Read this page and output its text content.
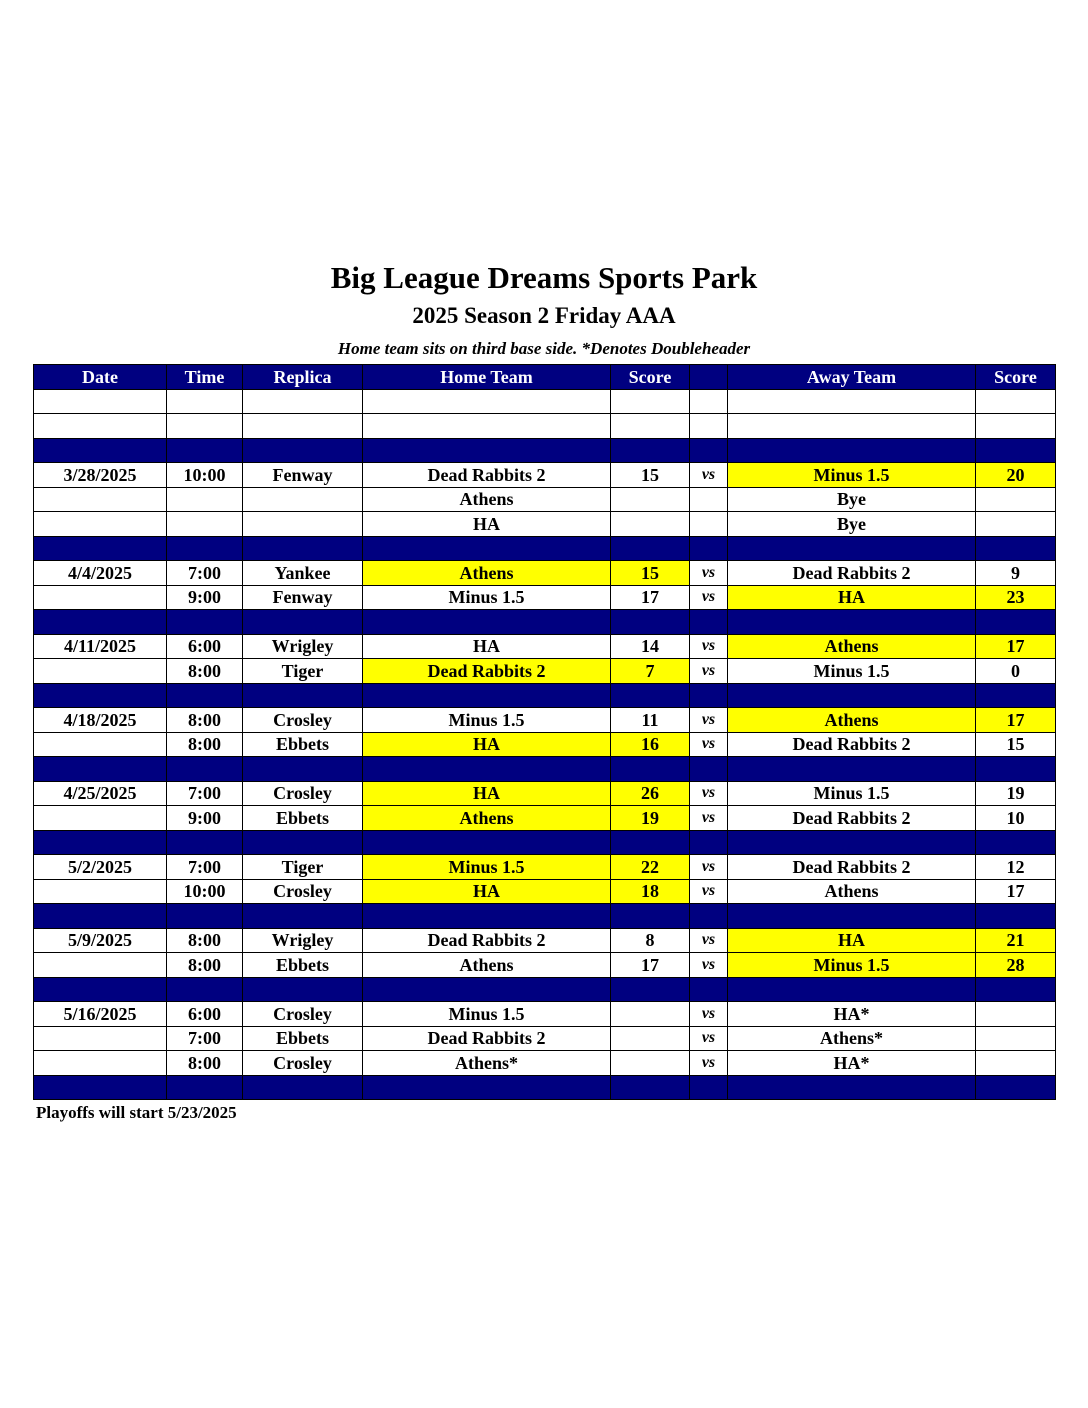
Big League Dreams Sports Park
2025 Season 2 Friday AAA
Home team sits on third base side. *Denotes Doubleheader
Date	Time	Replica	Home Team	Score		Away Team	Score

3/28/2025	10:00	Fenway	Dead Rabbits 2	15	vs	Minus 1.5	20
			Athens			Bye	
			HA			Bye	

4/4/2025	7:00	Yankee	Athens	15	vs	Dead Rabbits 2	9
	9:00	Fenway	Minus 1.5	17	vs	HA	23

4/11/2025	6:00	Wrigley	HA	14	vs	Athens	17
	8:00	Tiger	Dead Rabbits 2	7	vs	Minus 1.5	0

4/18/2025	8:00	Crosley	Minus 1.5	11	vs	Athens	17
	8:00	Ebbets	HA	16	vs	Dead Rabbits 2	15

4/25/2025	7:00	Crosley	HA	26	vs	Minus 1.5	19
	9:00	Ebbets	Athens	19	vs	Dead Rabbits 2	10

5/2/2025	7:00	Tiger	Minus 1.5	22	vs	Dead Rabbits 2	12
	10:00	Crosley	HA	18	vs	Athens	17

5/9/2025	8:00	Wrigley	Dead Rabbits 2	8	vs	HA	21
	8:00	Ebbets	Athens	17	vs	Minus 1.5	28

5/16/2025	6:00	Crosley	Minus 1.5		vs	HA*	
	7:00	Ebbets	Dead Rabbits 2		vs	Athens*	
	8:00	Crosley	Athens*		vs	HA*	

Playoffs will start 5/23/2025
